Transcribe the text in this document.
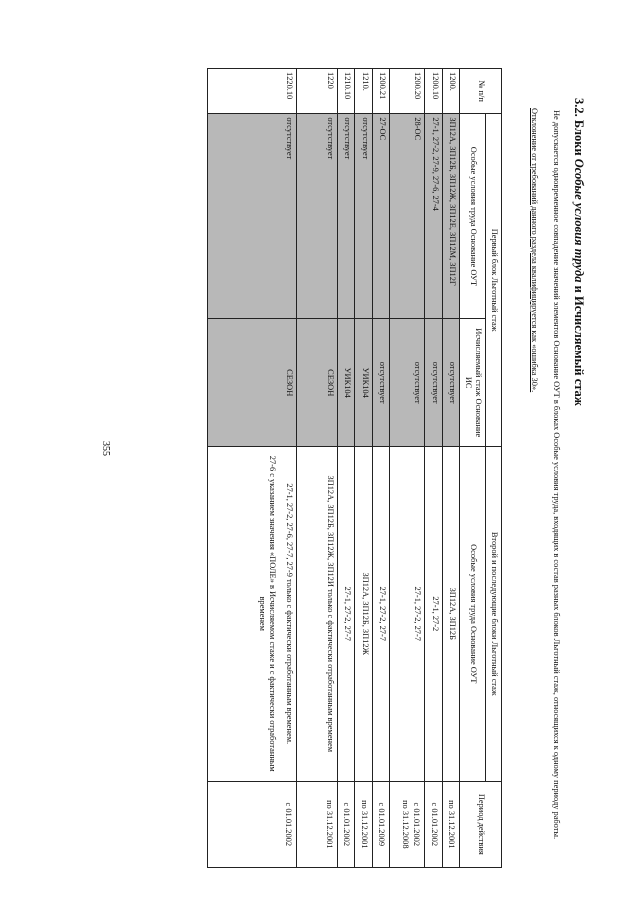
355
3.2. Блоки Особые условия труда и Исчисляемый стаж

Не допускается одновременное совпадение значений элементов Основание ОУТ в блоках Особые условия труда, входящих в состав разных блоков Льготный стаж, относящихся к одному периоду работы.

Отклонение от требований данного раздела квалифицируется как «ошибка 30».
№ п/п	Первый блок Льготный стаж		Второй и последующие блоки Льготный стаж	Период действия
	Особые условия труда Основание ОУТ	Исчисляемый стаж Основание ИС	Особые условия труда Основание ОУТ	
1200.	ЗП12А, ЗП12Б, ЗП12Ж, ЗП12Е, ЗП12М, ЗП12Г	отсутствует	ЗП12А, ЗП12Б	по 31.12.2001

1200.10	27-1, 27-2, 27-9, 27-6, 27-4	отсутствует	27-1, 27-2	с 01.01.2002

1200.20	28-ОС	отсутствует	27-1, 27-2, 27-7	с 01.01.2002
по 31.12.2008

1200.21	27-ОС	отсутствует	27-1, 27-2, 27-7	с 01.01.2009

1210.	отсутствует	УИК104	ЗП12А, ЗП12Б, ЗП12Ж	по 31.12.2001

1210.10	отсутствует	УИК104	27-1, 27-2, 27-7	с 01.01.2002

1220	отсутствует	СЕЗОН	ЗП12А, ЗП12Б, ЗП12Ж, ЗП12И только с фактически отработанным временем	по 31.12.2001

1220.10	отсутствует	СЕЗОН	27-1, 27-2, 27-6, 27-7, 27-9 только с фактически отработанным временем.
27-6 с указанием значения «ПОЛЕ» в Исчисляемом стаже и с фактически отработанным временем	с 01.01.2002
